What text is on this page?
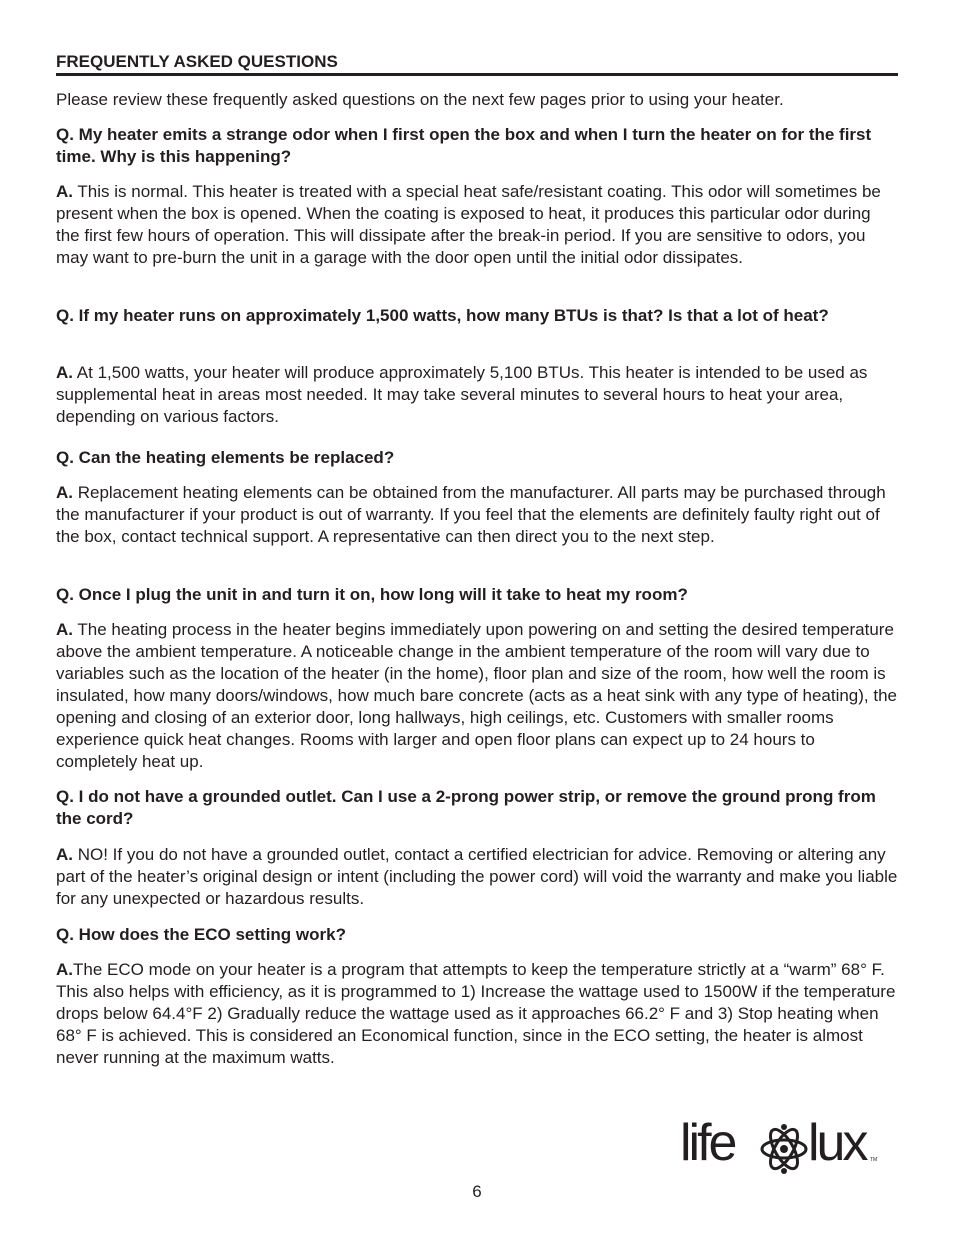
FREQUENTLY ASKED QUESTIONS
Please review these frequently asked questions on the next few pages prior to using your heater.

Q. My heater emits a strange odor when I first open the box and when I turn the heater on for the first time. Why is this happening?

A. This is normal. This heater is treated with a special heat safe/resistant coating. This odor will sometimes be present when the box is opened. When the coating is exposed to heat, it produces this particular odor during the first few hours of operation. This will dissipate after the break-in period. If you are sensitive to odors, you may want to pre-burn the unit in a garage with the door open until the initial odor dissipates.

Q. If my heater runs on approximately 1,500 watts, how many BTUs is that? Is that a lot of heat?

A. At 1,500 watts, your heater will produce approximately 5,100 BTUs. This heater is intended to be used as supplemental heat in areas most needed. It may take several minutes to several hours to heat your area, depending on various factors.

Q. Can the heating elements be replaced?

A. Replacement heating elements can be obtained from the manufacturer. All parts may be purchased through the manufacturer if your product is out of warranty. If you feel that the elements are definitely faulty right out of the box, contact technical support. A representative can then direct you to the next step.

Q. Once I plug the unit in and turn it on, how long will it take to heat my room?

A. The heating process in the heater begins immediately upon powering on and setting the desired temperature above the ambient temperature. A noticeable change in the ambient temperature of the room will vary due to variables such as the location of the heater (in the home), floor plan and size of the room, how well the room is insulated, how many doors/windows, how much bare concrete (acts as a heat sink with any type of heating), the opening and closing of an exterior door, long hallways, high ceilings, etc. Customers with smaller rooms experience quick heat changes. Rooms with larger and open floor plans can expect up to 24 hours to completely heat up.

Q. I do not have a grounded outlet. Can I use a 2-prong power strip, or remove the ground prong from the cord?

A. NO! If you do not have a grounded outlet, contact a certified electrician for advice. Removing or altering any part of the heater’s original design or intent (including the power cord) will void the warranty and make you liable for any unexpected or hazardous results.

Q. How does the ECO setting work?

A.The ECO mode on your heater is a program that attempts to keep the temperature strictly at a “warm” 68° F. This also helps with efficiency, as it is programmed to 1) Increase the wattage used to 1500W if the temperature drops below 64.4°F 2) Gradually reduce the wattage used as it approaches 66.2° F and 3) Stop heating when 68° F is achieved. This is considered an Economical function, since in the ECO setting, the heater is almost never running at the maximum watts.

life lux TM
6
